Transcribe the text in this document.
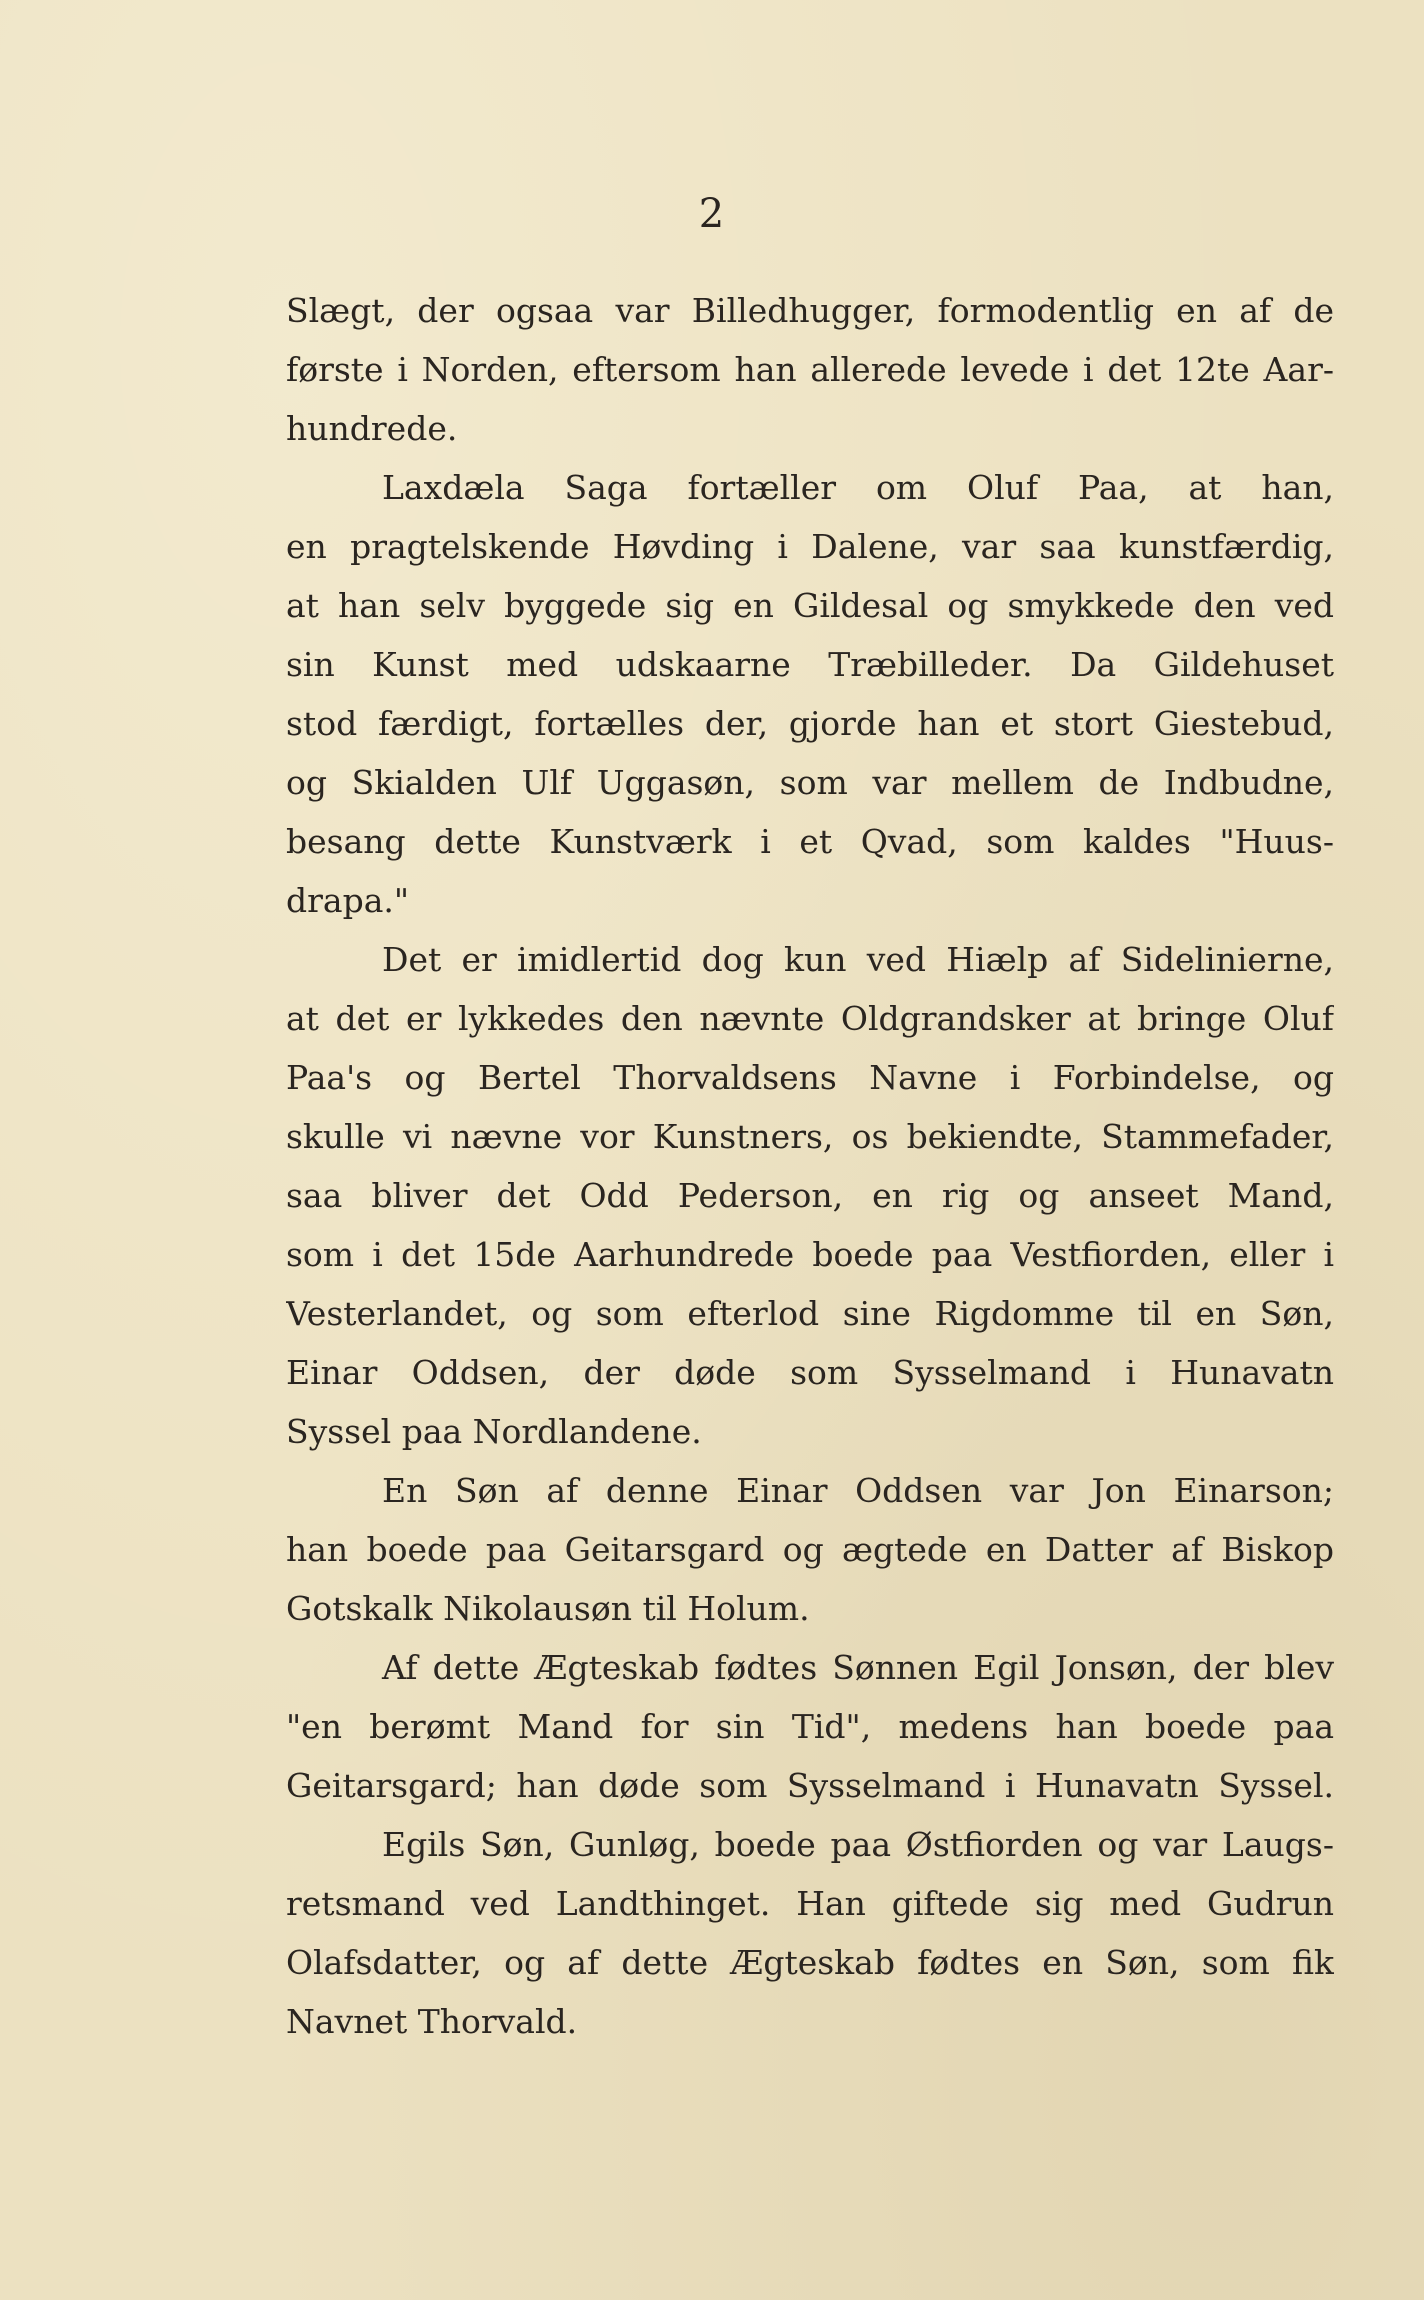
2
Slægt, der ogsaa var Billedhugger, formodentlig en af de
første i Norden, eftersom han allerede levede i det 12te Aar-
hundrede.
Laxdæla Saga fortæller om Oluf Paa, at han,
en pragtelskende Høvding i Dalene, var saa kunstfærdig,
at han selv byggede sig en Gildesal og smykkede den ved
sin Kunst med udskaarne Træbilleder. Da Gildehuset
stod færdigt, fortælles der, gjorde han et stort Giestebud,
og Skialden Ulf Uggasøn, som var mellem de Indbudne,
besang dette Kunstværk i et Qvad, som kaldes "Huus-
drapa."
Det er imidlertid dog kun ved Hiælp af Sidelinierne,
at det er lykkedes den nævnte Oldgrandsker at bringe Oluf
Paa's og Bertel Thorvaldsens Navne i Forbindelse, og
skulle vi nævne vor Kunstners, os bekiendte, Stammefader,
saa bliver det Odd Pederson, en rig og anseet Mand,
som i det 15de Aarhundrede boede paa Vestfiorden, eller i
Vesterlandet, og som efterlod sine Rigdomme til en Søn,
Einar Oddsen, der døde som Sysselmand i Hunavatn
Syssel paa Nordlandene.
En Søn af denne Einar Oddsen var Jon Einarson;
han boede paa Geitarsgard og ægtede en Datter af Biskop
Gotskalk Nikolausøn til Holum.
Af dette Ægteskab fødtes Sønnen Egil Jonsøn, der blev
"en berømt Mand for sin Tid", medens han boede paa
Geitarsgard; han døde som Sysselmand i Hunavatn Syssel.
Egils Søn, Gunløg, boede paa Østfiorden og var Laugs-
retsmand ved Landthinget. Han giftede sig med Gudrun
Olafsdatter, og af dette Ægteskab fødtes en Søn, som fik
Navnet Thorvald.
